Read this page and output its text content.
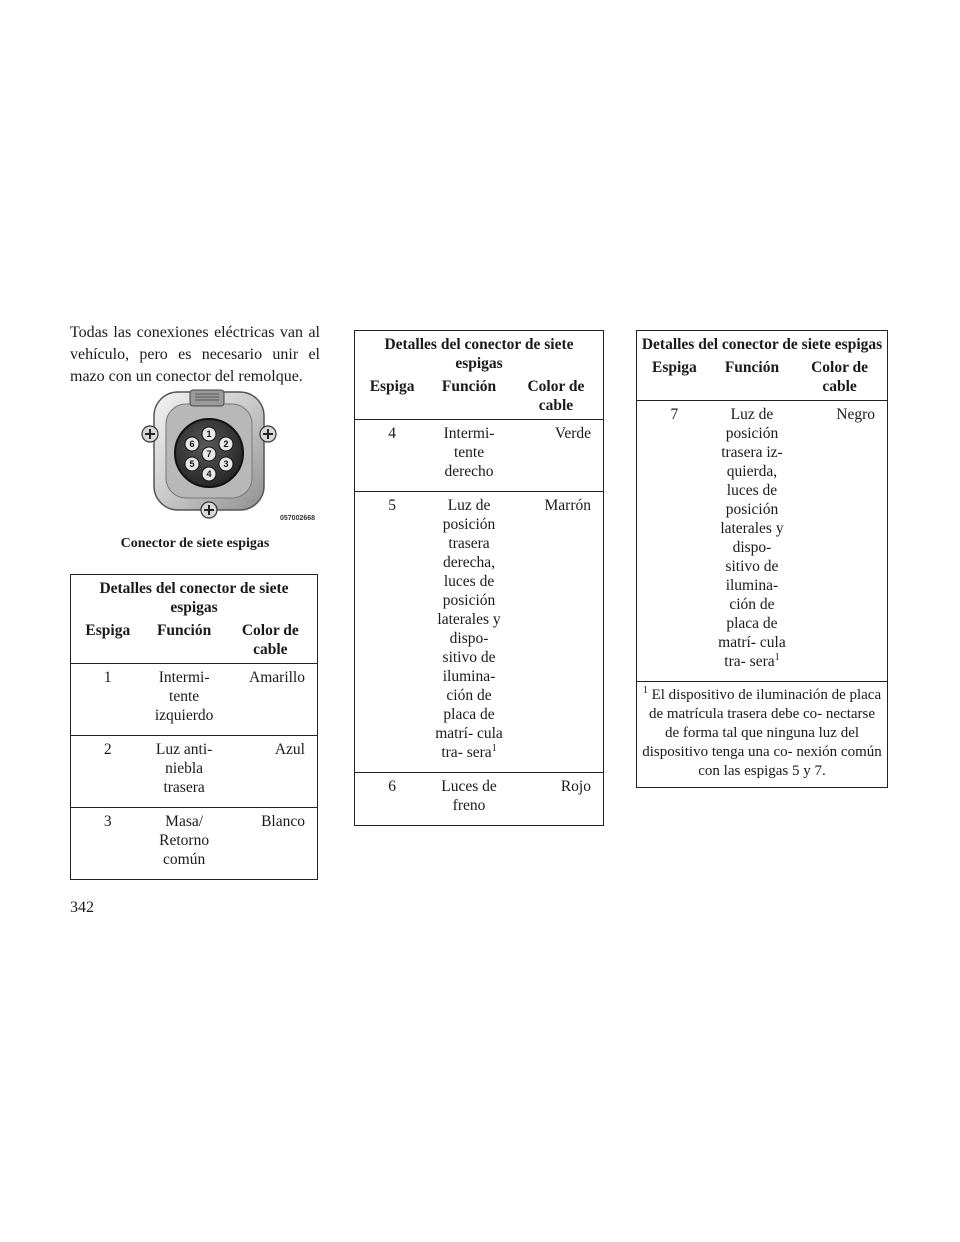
Todas las conexiones eléctricas van al vehículo, pero es necesario unir el mazo con un conector del remolque.

1
2
3
4
5
6
7
057002668
Conector de siete espigas
Detalles del conector de siete espigas		
Espiga	Función	Color de cable
1	Intermi- tente izquierdo	Amarillo
2	Luz anti- niebla trasera	Azul
3	Masa/ Retorno común	Blanco
Detalles del conector de siete espigas		
Espiga	Función	Color de cable
4	Intermi- tente derecho	Verde
5	Luz de posición trasera derecha, luces de posición laterales y dispo- sitivo de ilumina- ción de placa de matrí- cula tra- sera$^1$	Marrón
6	Luces de freno	Rojo
Detalles del conector de siete espigas		
Espiga	Función	Color de cable
7	Luz de posición trasera iz- quierda, luces de posición laterales y dispo- sitivo de ilumina- ción de placa de matrí- cula tra- sera$^1$	Negro
$^1$ El dispositivo de iluminación de placa de matrícula trasera debe co- nectarse de forma tal que ninguna luz del dispositivo tenga una co- nexión común con las espigas 5 y 7.		
342
